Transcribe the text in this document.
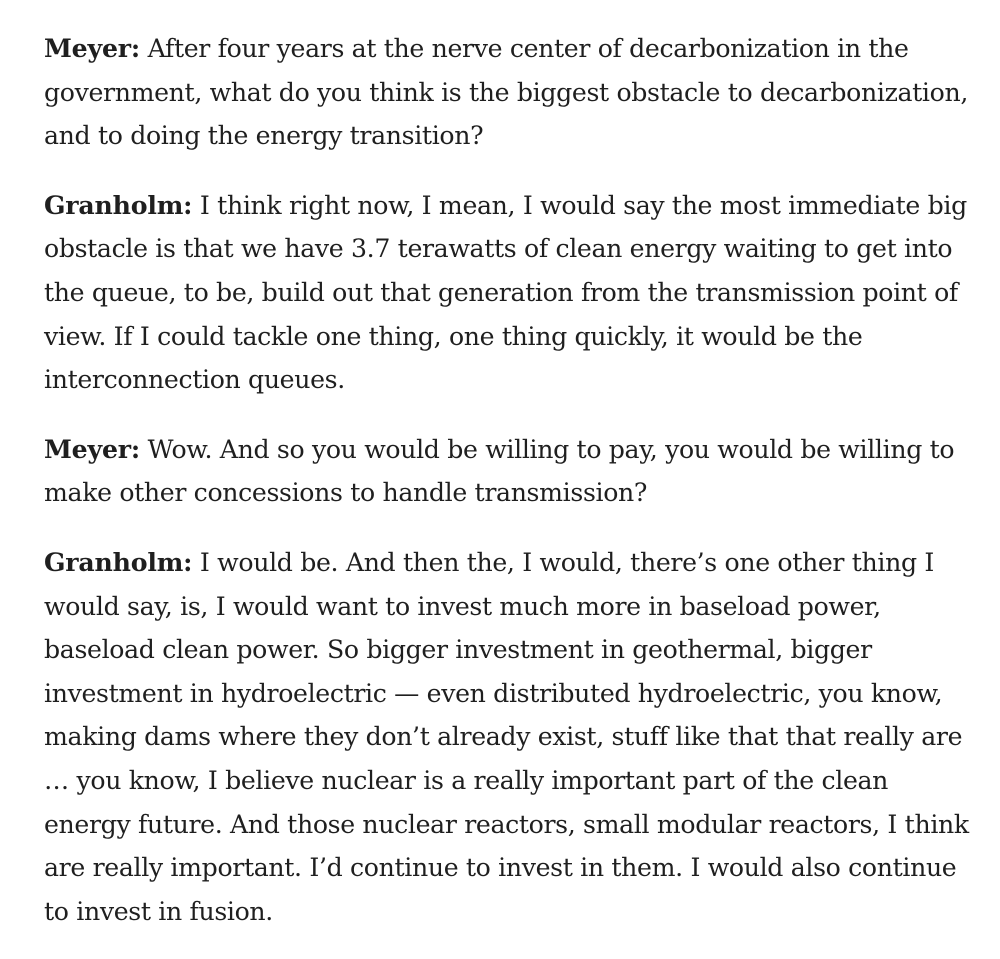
Meyer: After four years at the nerve center of decarbonization in the government, what do you think is the biggest obstacle to decarbonization, and to doing the energy transition?

Granholm: I think right now, I mean, I would say the most immediate big obstacle is that we have 3.7 terawatts of clean energy waiting to get into the queue, to be, build out that generation from the transmission point of view. If I could tackle one thing, one thing quickly, it would be the interconnection queues.

Meyer: Wow. And so you would be willing to pay, you would be willing to make other concessions to handle transmission?

Granholm: I would be. And then the, I would, there’s one other thing I would say, is, I would want to invest much more in baseload power, baseload clean power. So bigger investment in geothermal, bigger investment in hydroelectric — even distributed hydroelectric, you know, making dams where they don’t already exist, stuff like that that really are … you know, I believe nuclear is a really important part of the clean energy future. And those nuclear reactors, small modular reactors, I think are really important. I’d continue to invest in them. I would also continue to invest in fusion.
